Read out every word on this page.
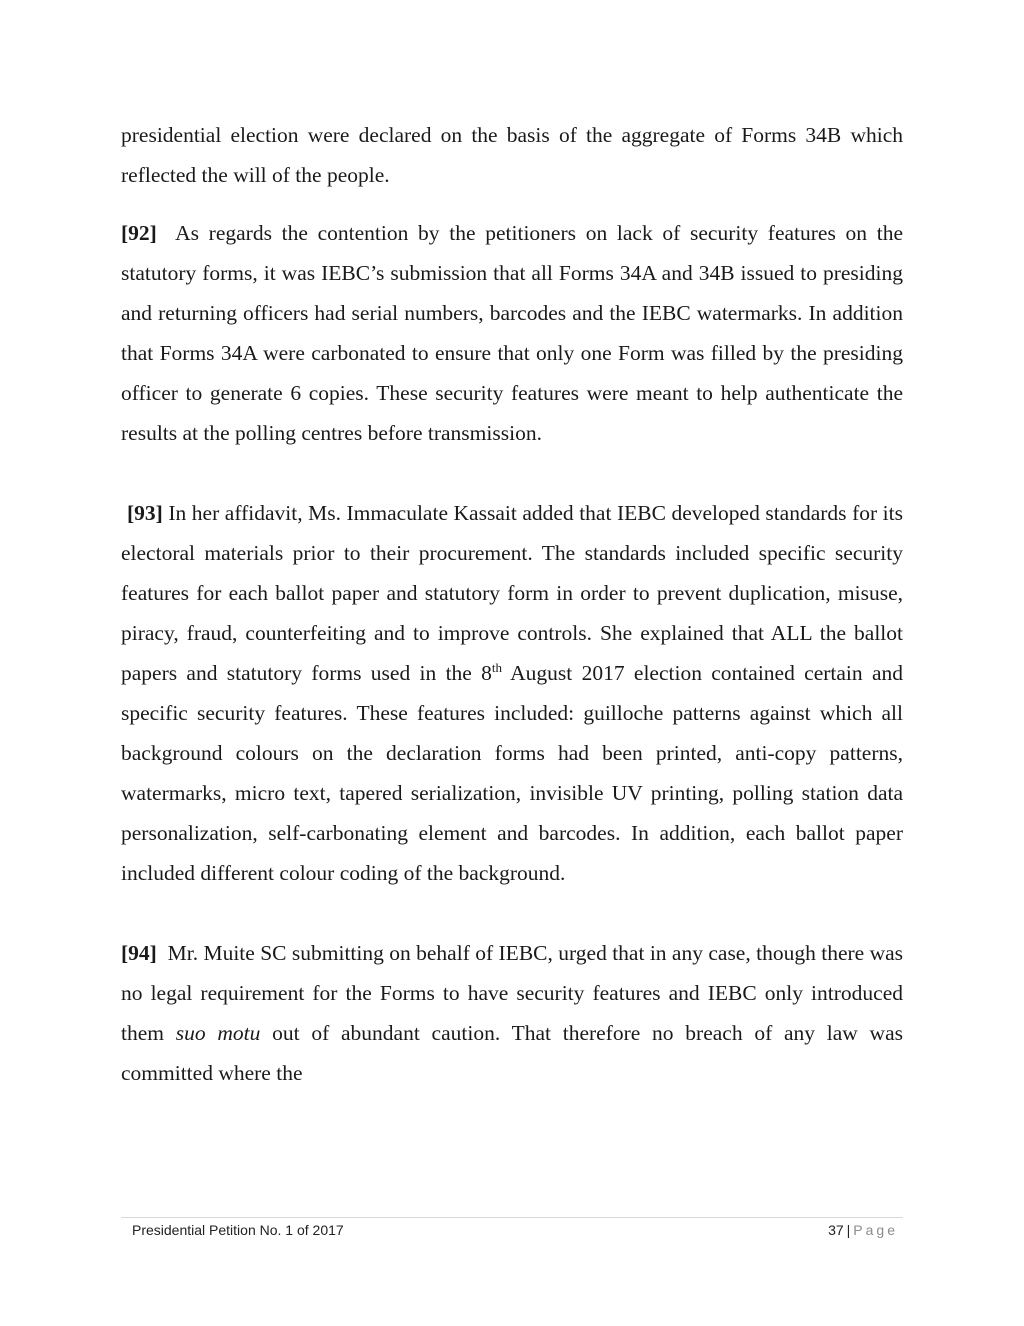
presidential election were declared on the basis of the aggregate of Forms 34B which reflected the will of the people.

[92] As regards the contention by the petitioners on lack of security features on the statutory forms, it was IEBC’s submission that all Forms 34A and 34B issued to presiding and returning officers had serial numbers, barcodes and the IEBC watermarks. In addition that Forms 34A were carbonated to ensure that only one Form was filled by the presiding officer to generate 6 copies. These security features were meant to help authenticate the results at the polling centres before transmission.

[93] In her affidavit, Ms. Immaculate Kassait added that IEBC developed standards for its electoral materials prior to their procurement. The standards included specific security features for each ballot paper and statutory form in order to prevent duplication, misuse, piracy, fraud, counterfeiting and to improve controls. She explained that ALL the ballot papers and statutory forms used in the 8th August 2017 election contained certain and specific security features. These features included: guilloche patterns against which all background colours on the declaration forms had been printed, anti-copy patterns, watermarks, micro text, tapered serialization, invisible UV printing, polling station data personalization, self-carbonating element and barcodes. In addition, each ballot paper included different colour coding of the background.

[94] Mr. Muite SC submitting on behalf of IEBC, urged that in any case, though there was no legal requirement for the Forms to have security features and IEBC only introduced them suo motu out of abundant caution. That therefore no breach of any law was committed where the

Presidential Petition No. 1 of 2017	37 | Page
